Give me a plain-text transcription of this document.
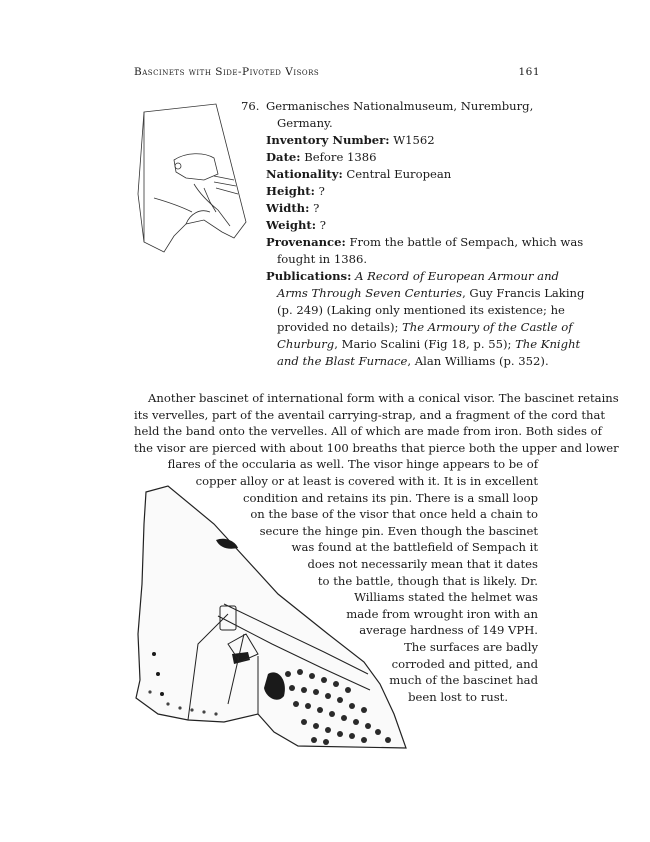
Bascinets with Side-Pivoted Visors	161
76. Germanisches Nationalmuseum, Nuremburg,
Germany.
Inventory Number: W1562
Date: Before 1386
Nationality: Central European
Height: ?
Width: ?
Weight: ?
Provenance: From the battle of Sempach, which was
fought in 1386.
Publications: A Record of European Armour and
Arms Through Seven Centuries, Guy Francis Laking
(p. 249) (Laking only mentioned its existence; he
provided no details); The Armoury of the Castle of
Churburg, Mario Scalini (Fig 18, p. 55); The Knight
and the Blast Furnace, Alan Williams (p. 352).
Another bascinet of international form with a conical visor. The bascinet retains
its vervelles, part of the aventail carrying-strap, and a fragment of the cord that
held the band onto the vervelles. All of which are made from iron. Both sides of
the visor are pierced with about 100 breaths that pierce both the upper and lower
flares of the occularia as well. The visor hinge appears to be of
copper alloy or at least is covered with it. It is in excellent
condition and retains its pin. There is a small loop
on the base of the visor that once held a chain to
secure the hinge pin. Even though the bascinet
was found at the battlefield of Sempach it
does not necessarily mean that it dates
to the battle, though that is likely. Dr.
Williams stated the helmet was
made from wrought iron with an
average hardness of 149 VPH.
The surfaces are badly
corroded and pitted, and
much of the bascinet had
been lost to rust.
